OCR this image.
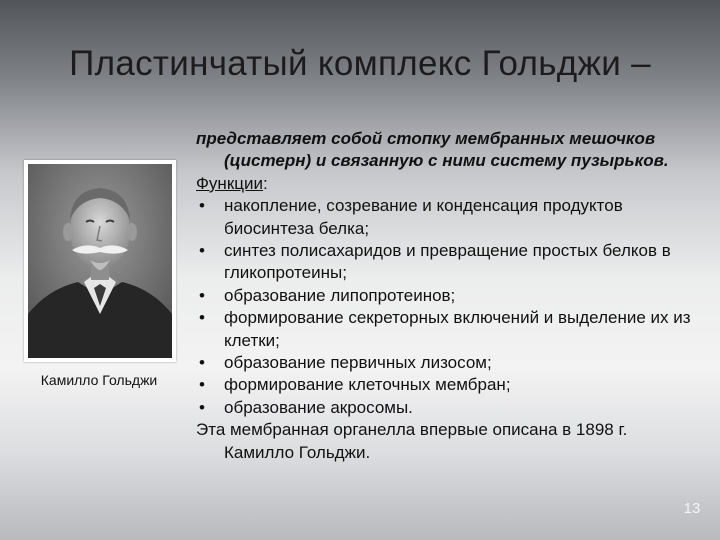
Пластинчатый комплекс Гольджи –
Камилло Гольджи

представляет собой стопку мембранных мешочков (цистерн) и связанную с ними систему пузырьков.

Функции:

• накопление, созревание и конденсация продуктов биосинтеза белка;
• синтез полисахаридов и превращение простых белков в гликопротеины;
• образование липопротеинов;
• формирование секреторных включений и выделение их из клетки;
• образование первичных лизосом;
• формирование клеточных мембран;
• образование акросомы.

Эта мембранная органелла впервые описана в 1898 г. Камилло Гольджи.

13
